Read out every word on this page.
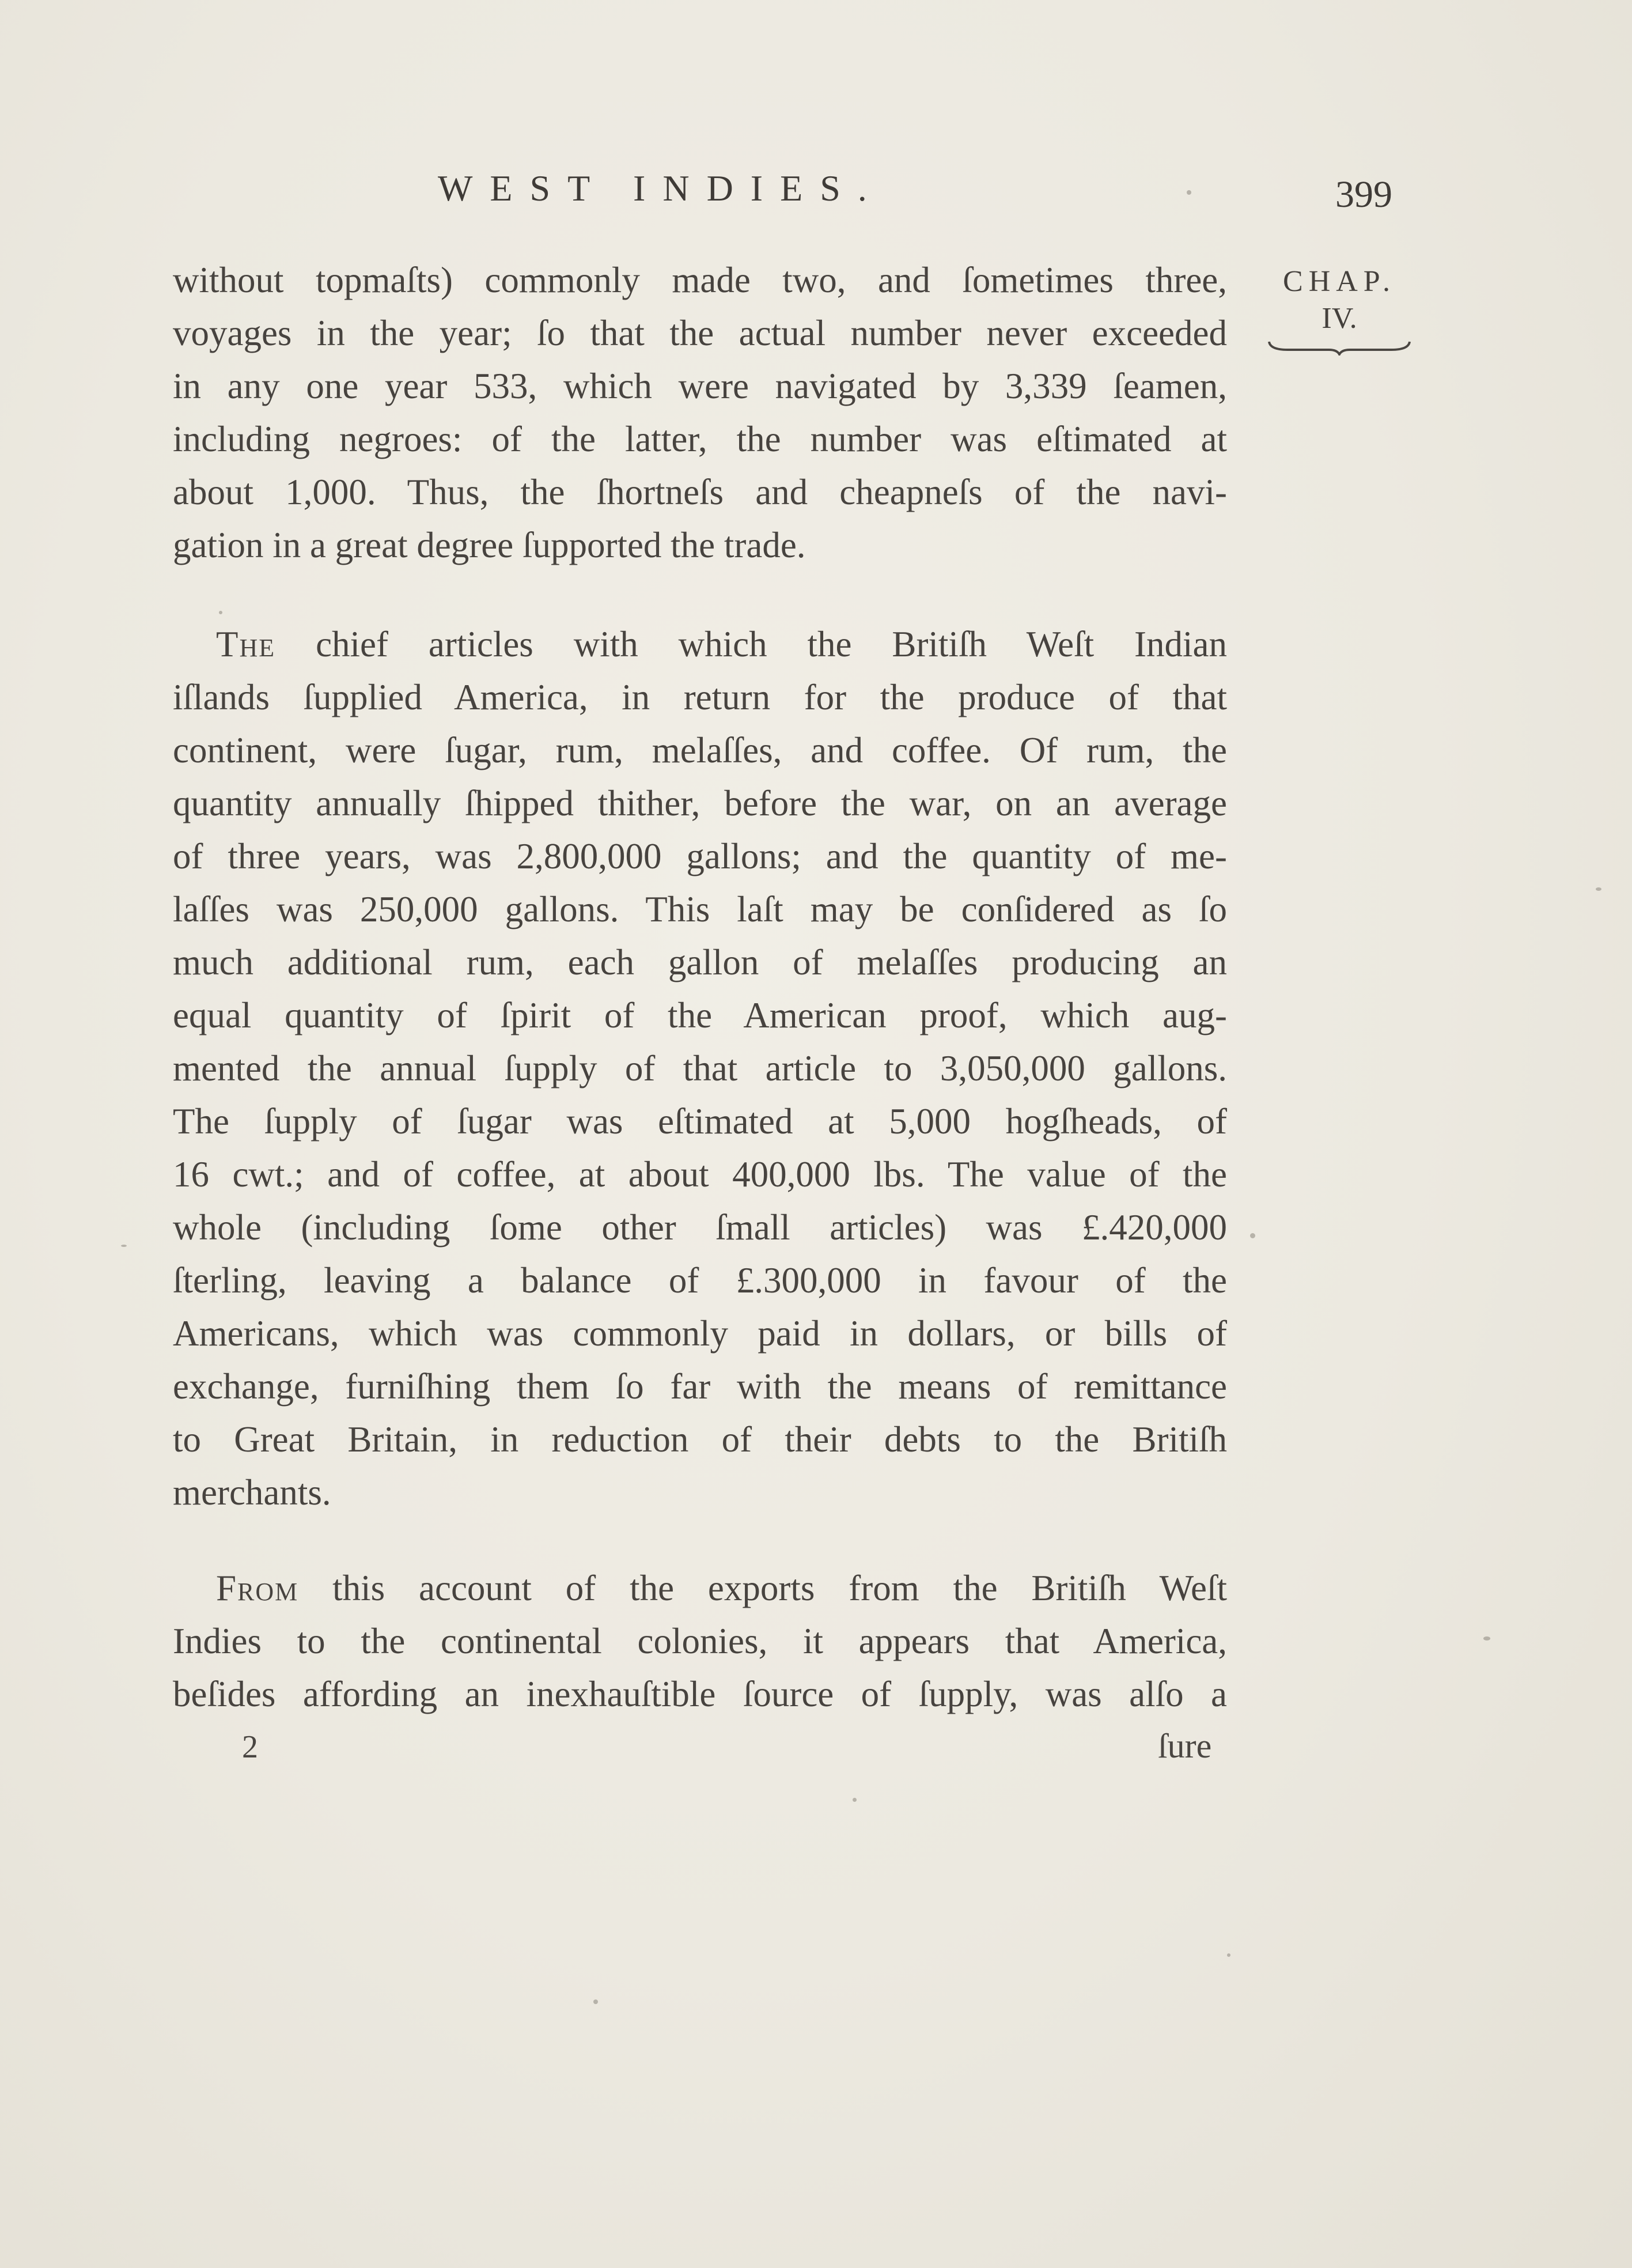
WEST INDIES.	399
CHAP.
IV.
without topmaſts) commonly made two, and ſometimes three,
voyages in the year; ſo that the actual number never exceeded
in any one year 533, which were navigated by 3,339 ſeamen,
including negroes: of the latter, the number was eſtimated at
about 1,000. Thus, the ſhortneſs and cheapneſs of the navi-
gation in a great degree ſupported the trade.
The chief articles with which the Britiſh Weſt Indian
iſlands ſupplied America, in return for the produce of that
continent, were ſugar, rum, melaſſes, and coffee. Of rum, the
quantity annually ſhipped thither, before the war, on an average
of three years, was 2,800,000 gallons; and the quantity of me-
laſſes was 250,000 gallons. This laſt may be conſidered as ſo
much additional rum, each gallon of melaſſes producing an
equal quantity of ſpirit of the American proof, which aug-
mented the annual ſupply of that article to 3,050,000 gallons.
The ſupply of ſugar was eſtimated at 5,000 hogſheads, of
16 cwt.; and of coffee, at about 400,000 lbs. The value of the
whole (including ſome other ſmall articles) was £.420,000
ſterling, leaving a balance of £.300,000 in favour of the
Americans, which was commonly paid in dollars, or bills of
exchange, furniſhing them ſo far with the means of remittance
to Great Britain, in reduction of their debts to the Britiſh
merchants.
From this account of the exports from the Britiſh Weſt
Indies to the continental colonies, it appears that America,
beſides affording an inexhauſtible ſource of ſupply, was alſo a
2	ſure
